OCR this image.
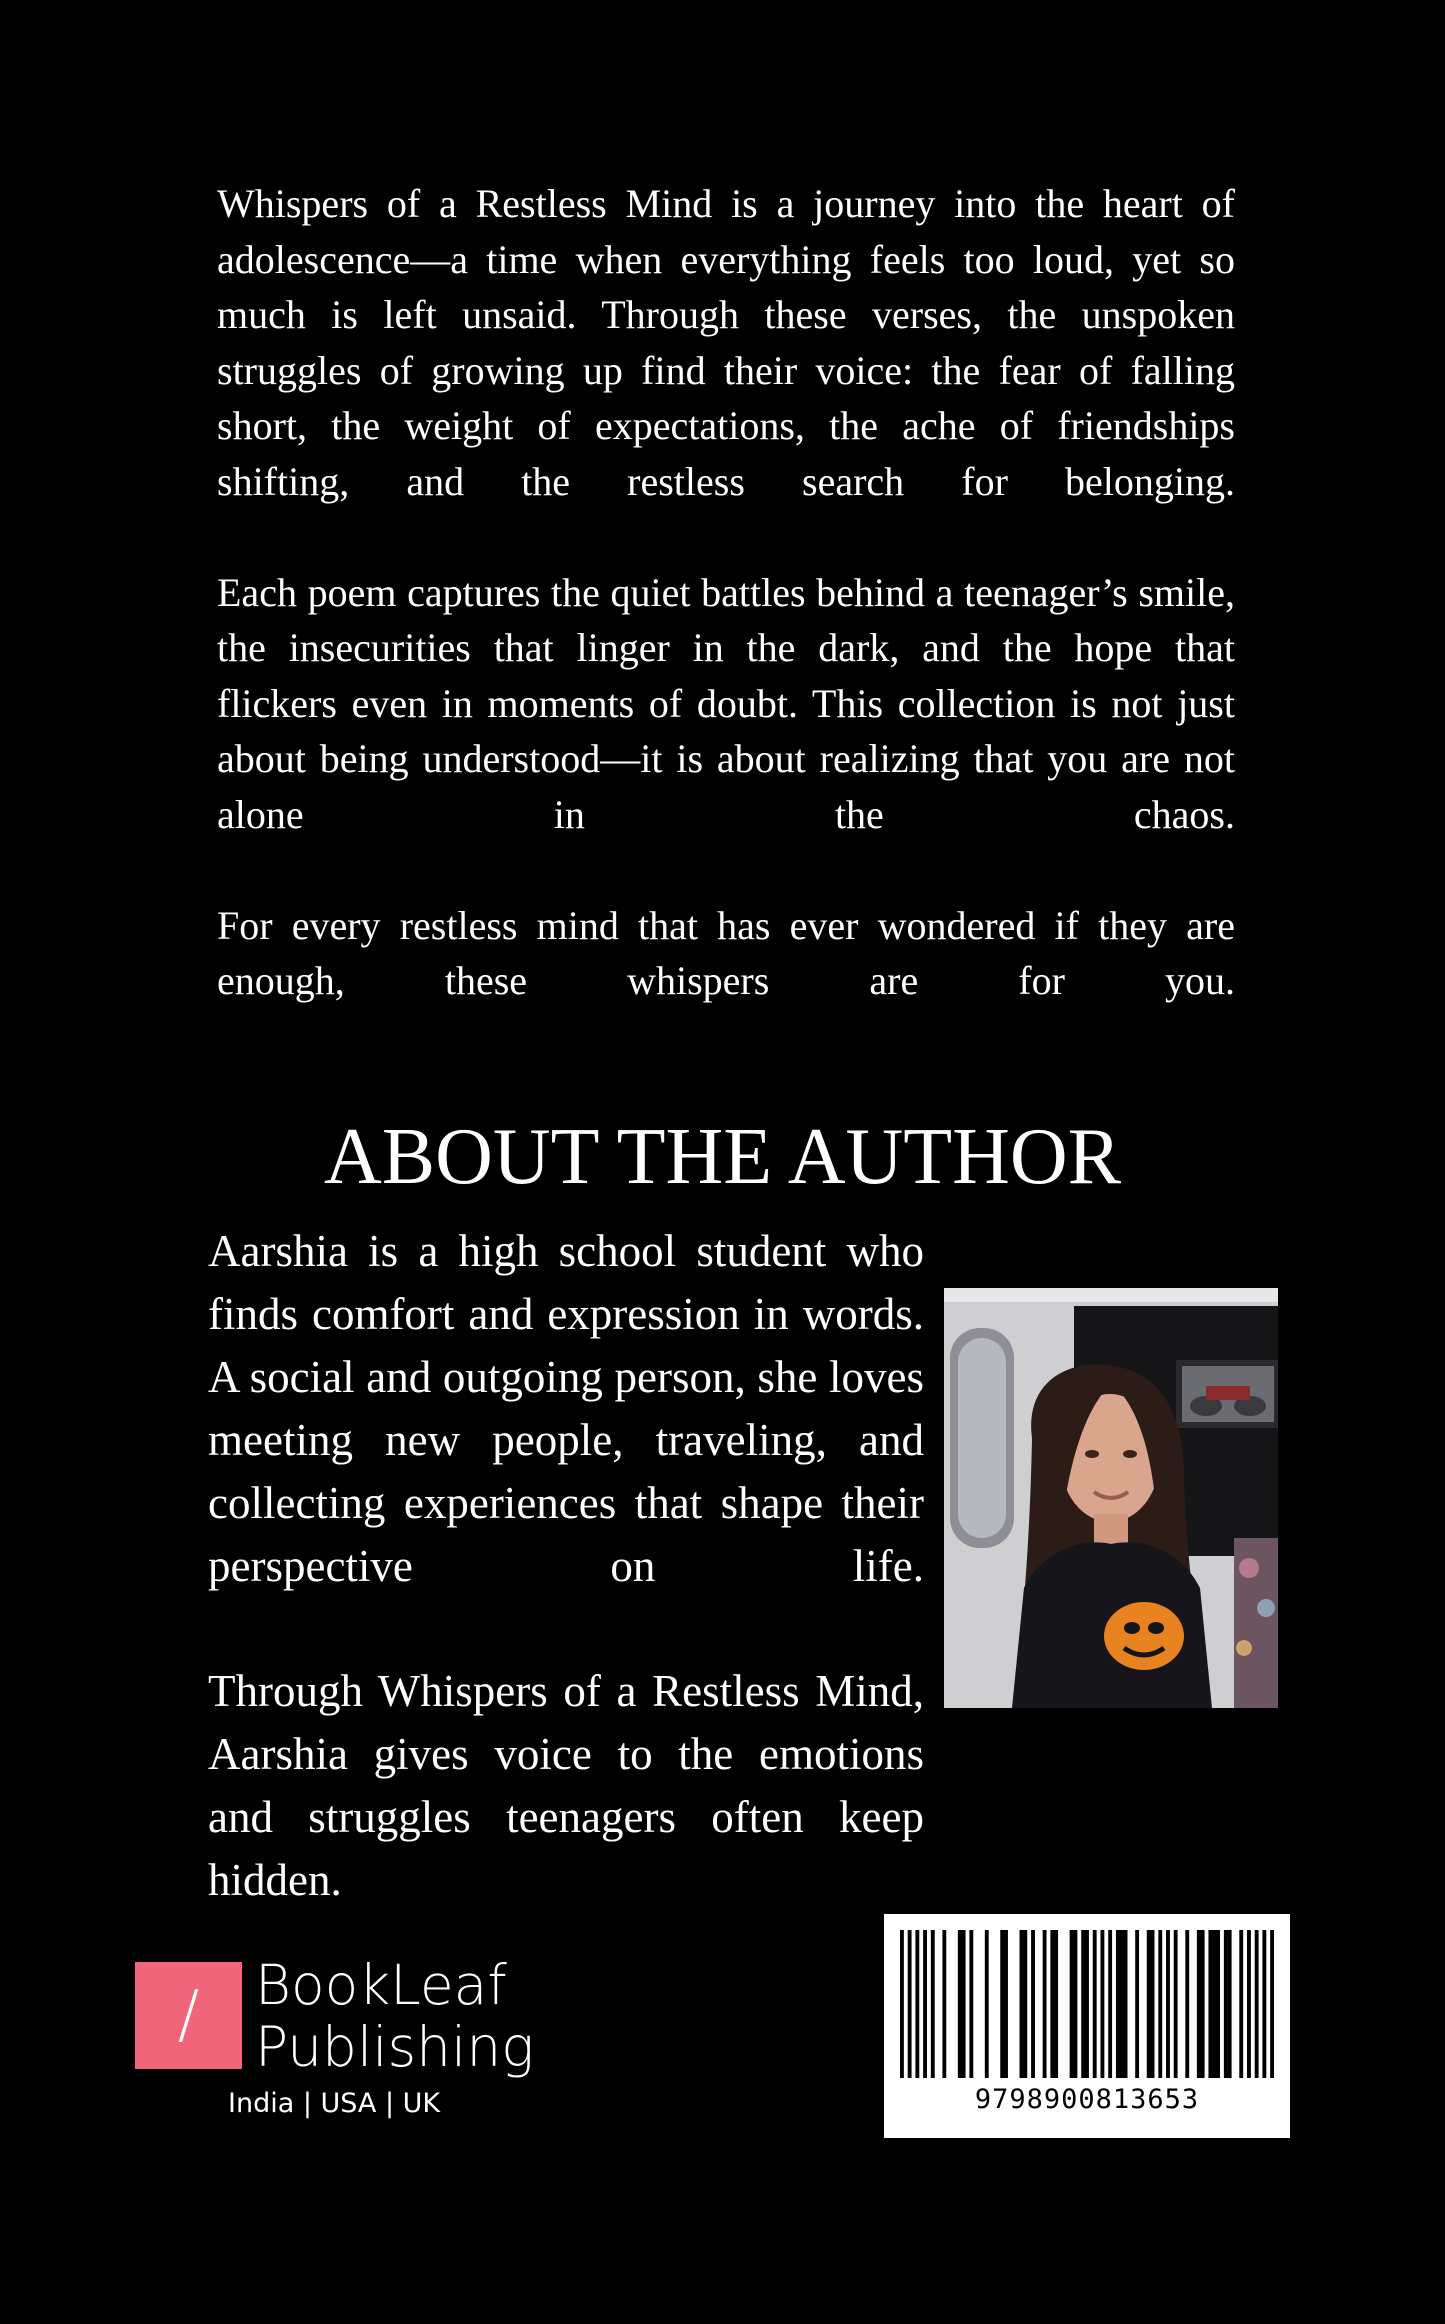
Whispers of a Restless Mind is a journey into the heart of adolescence—a time when everything feels too loud, yet so much is left unsaid. Through these verses, the unspoken struggles of growing up find their voice: the fear of falling short, the weight of expectations, the ache of friendships shifting, and the restless search for belonging.

Each poem captures the quiet battles behind a teenager’s smile, the insecurities that linger in the dark, and the hope that flickers even in moments of doubt. This collection is not just about being understood—it is about realizing that you are not alone in the chaos.

For every restless mind that has ever wondered if they are enough, these whispers are for you.

ABOUT THE AUTHOR

Aarshia is a high school student who finds comfort and expression in words. A social and outgoing person, she loves meeting new people, traveling, and collecting experiences that shape their perspective on life.

Through Whispers of a Restless Mind, Aarshia gives voice to the emotions and struggles teenagers often keep hidden.

/	BookLeaf
Publishing
India | USA | UK	9798900813653
